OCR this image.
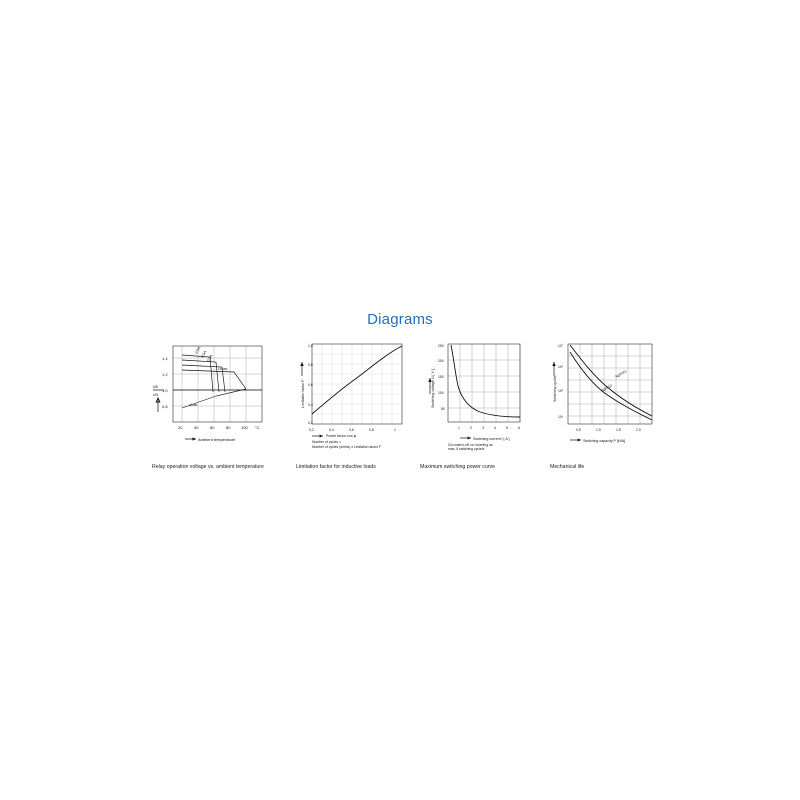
Diagrams
0,6A
0,5A
0,3A
Umax
Umin
1,4
1,2
1,0
0,8
20	40	60	80	100 °C
UB
UN
Ambient temperature
Relay operation voltage vs. ambient temperature
1,0
0,8
0,6
0,4
0,2
0,2	0,4	0,6	0,8	1
Limitation factor F
Power factor cos φ
Number of cycles =
Number of cycles (ohmic) x Limitation factor F
Limitation factor for inductive loads
250
200
150
100
50
1	2	3	4	5	6
Switching voltage U [ V ]
Switching current I [ A ]
G/o switch-off, no inverting as
max. 5 switching cycle/s
Maximum switching power curve
AgSnO₂
AgNi10
10⁷
10⁶
10⁵
10⁴
0,5	1,0	1,5	2,0
Switching cycles
Switching capacity P [kVA]
Mechanical life
